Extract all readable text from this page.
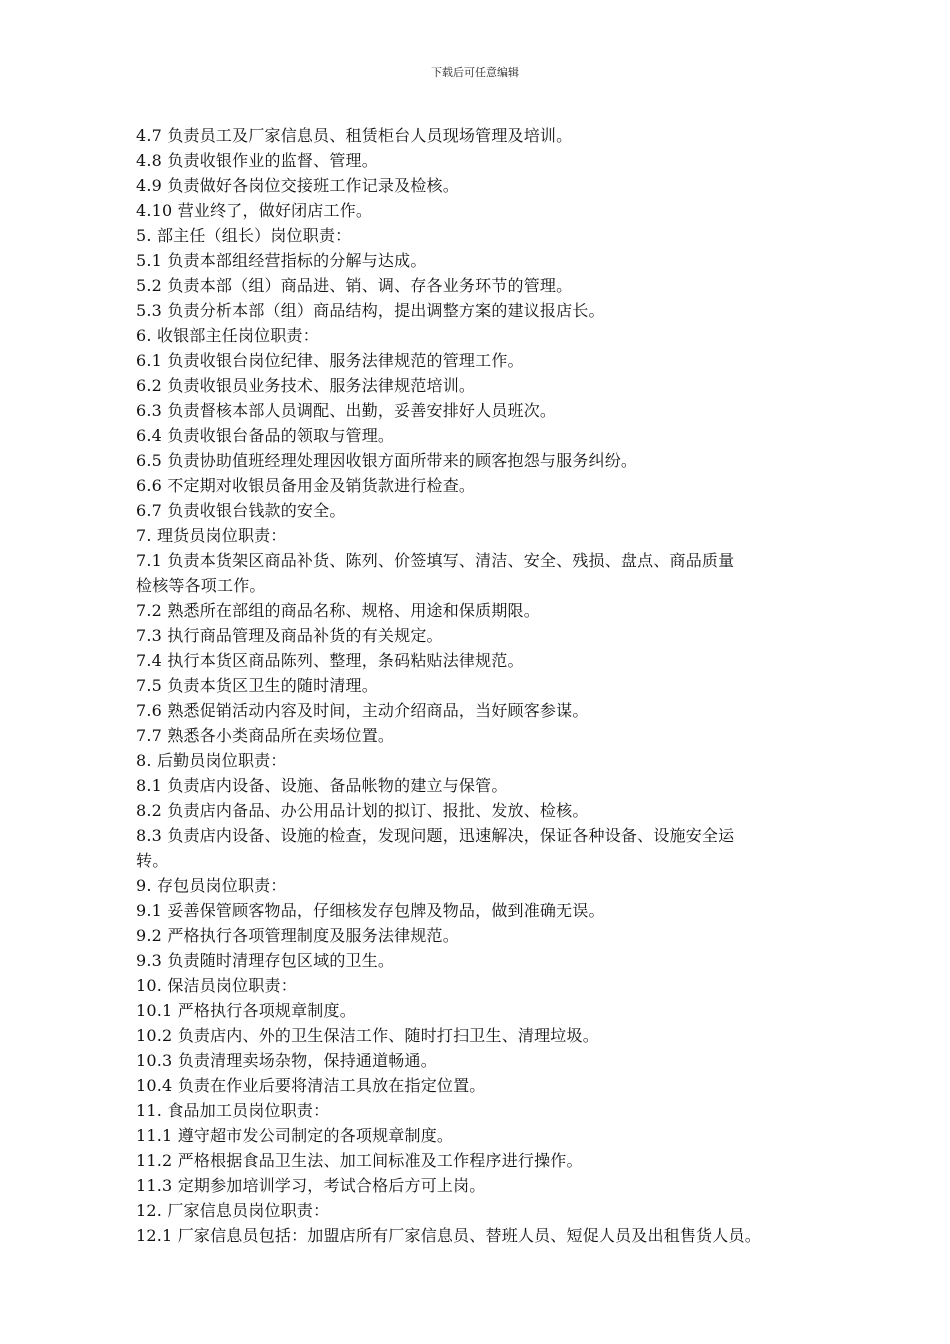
下载后可任意编辑
4.7 负责员工及厂家信息员、租赁柜台人员现场管理及培训。
4.8 负责收银作业的监督、管理。
4.9 负责做好各岗位交接班工作记录及检核。
4.10 营业终了，做好闭店工作。
5. 部主任（组长）岗位职责：
5.1 负责本部组经营指标的分解与达成。
5.2 负责本部（组）商品进、销、调、存各业务环节的管理。
5.3 负责分析本部（组）商品结构，提出调整方案的建议报店长。
6. 收银部主任岗位职责：
6.1 负责收银台岗位纪律、服务法律规范的管理工作。
6.2 负责收银员业务技术、服务法律规范培训。
6.3 负责督核本部人员调配、出勤，妥善安排好人员班次。
6.4 负责收银台备品的领取与管理。
6.5 负责协助值班经理处理因收银方面所带来的顾客抱怨与服务纠纷。
6.6 不定期对收银员备用金及销货款进行检查。
6.7 负责收银台钱款的安全。
7. 理货员岗位职责：
7.1 负责本货架区商品补货、陈列、价签填写、清洁、安全、残损、盘点、商品质量
检核等各项工作。
7.2 熟悉所在部组的商品名称、规格、用途和保质期限。
7.3 执行商品管理及商品补货的有关规定。
7.4 执行本货区商品陈列、整理，条码粘贴法律规范。
7.5 负责本货区卫生的随时清理。
7.6 熟悉促销活动内容及时间，主动介绍商品，当好顾客参谋。
7.7 熟悉各小类商品所在卖场位置。
8. 后勤员岗位职责：
8.1 负责店内设备、设施、备品帐物的建立与保管。
8.2 负责店内备品、办公用品计划的拟订、报批、发放、检核。
8.3 负责店内设备、设施的检查，发现问题，迅速解决，保证各种设备、设施安全运
转。
9. 存包员岗位职责：
9.1 妥善保管顾客物品，仔细核发存包牌及物品，做到准确无误。
9.2 严格执行各项管理制度及服务法律规范。
9.3 负责随时清理存包区域的卫生。
10. 保洁员岗位职责：
10.1 严格执行各项规章制度。
10.2 负责店内、外的卫生保洁工作、随时打扫卫生、清理垃圾。
10.3 负责清理卖场杂物，保持通道畅通。
10.4 负责在作业后要将清洁工具放在指定位置。
11. 食品加工员岗位职责：
11.1 遵守超市发公司制定的各项规章制度。
11.2 严格根据食品卫生法、加工间标准及工作程序进行操作。
11.3 定期参加培训学习，考试合格后方可上岗。
12. 厂家信息员岗位职责：
12.1 厂家信息员包括：加盟店所有厂家信息员、替班人员、短促人员及出租售货人员。
